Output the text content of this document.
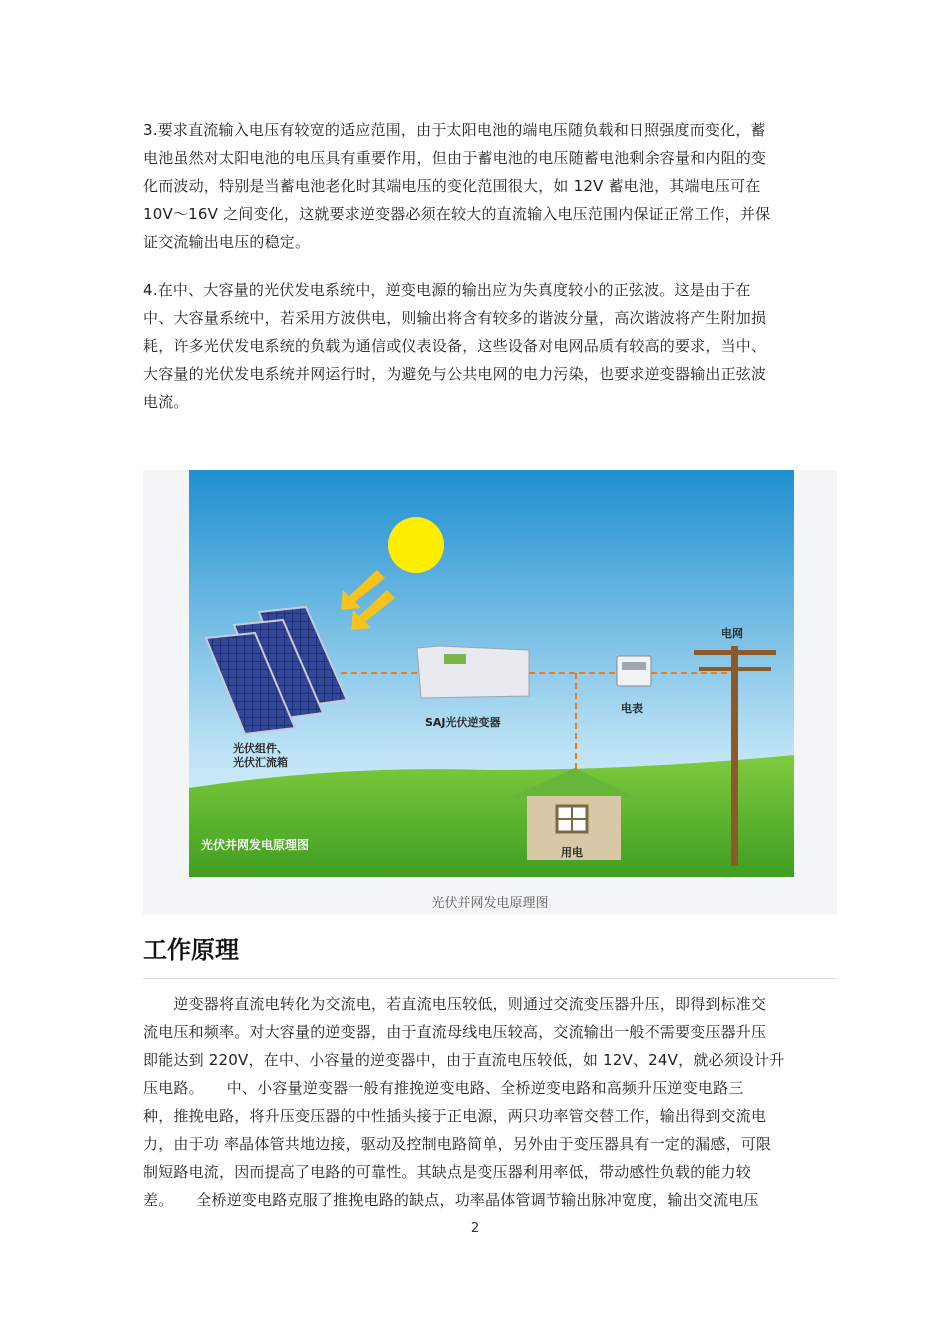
3.要求直流输入电压有较宽的适应范围，由于太阳电池的端电压随负载和日照强度而变化，蓄
电池虽然对太阳电池的电压具有重要作用，但由于蓄电池的电压随蓄电池剩余容量和内阻的变
化而波动，特别是当蓄电池老化时其端电压的变化范围很大，如 12V 蓄电池，其端电压可在
10V～16V 之间变化，这就要求逆变器必须在较大的直流输入电压范围内保证正常工作，并保
证交流输出电压的稳定。
4.在中、大容量的光伏发电系统中，逆变电源的输出应为失真度较小的正弦波。这是由于在
中、大容量系统中，若采用方波供电，则输出将含有较多的谐波分量，高次谐波将产生附加损
耗，许多光伏发电系统的负载为通信或仪表设备，这些设备对电网品质有较高的要求，当中、
大容量的光伏发电系统并网运行时，为避免与公共电网的电力污染，也要求逆变器输出正弦波
电流。
电网
SAJ光伏逆变器
电表
光伏组件、
光伏汇流箱
用电
光伏并网发电原理图
光伏并网发电原理图
工作原理
　　逆变器将直流电转化为交流电，若直流电压较低，则通过交流变压器升压，即得到标准交
流电压和频率。对大容量的逆变器，由于直流母线电压较高，交流输出一般不需要变压器升压
即能达到 220V，在中、小容量的逆变器中，由于直流电压较低，如 12V、24V，就必须设计升
压电路。　　中、小容量逆变器一般有推挽逆变电路、全桥逆变电路和高频升压逆变电路三
种，推挽电路，将升压变压器的中性插头接于正电源，两只功率管交替工作，输出得到交流电
力，由于功 率晶体管共地边接，驱动及控制电路简单，另外由于变压器具有一定的漏感，可限
制短路电流，因而提高了电路的可靠性。其缺点是变压器利用率低，带动感性负载的能力较
差。　　全桥逆变电路克服了推挽电路的缺点，功率晶体管调节输出脉冲宽度，输出交流电压
2
